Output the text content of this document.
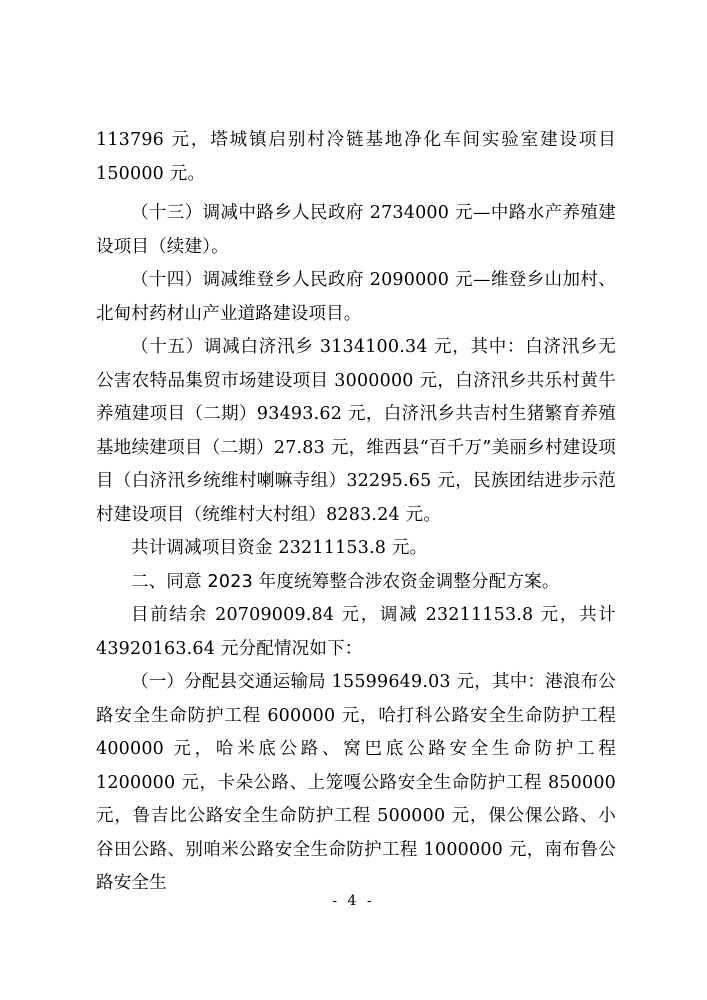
113796 元，塔城镇启别村冷链基地净化车间实验室建设项目 150000 元。

（十三）调减中路乡人民政府 2734000 元—中路水产养殖建设项目（续建）。

（十四）调减维登乡人民政府 2090000 元—维登乡山加村、北甸村药材山产业道路建设项目。

（十五）调减白济汛乡 3134100.34 元，其中：白济汛乡无公害农特品集贸市场建设项目 3000000 元，白济汛乡共乐村黄牛养殖建项目（二期）93493.62 元，白济汛乡共吉村生猪繁育养殖基地续建项目（二期）27.83 元，维西县“百千万”美丽乡村建设项目（白济汛乡统维村喇嘛寺组）32295.65 元，民族团结进步示范村建设项目（统维村大村组）8283.24 元。

共计调减项目资金 23211153.8 元。

二、同意 2023 年度统筹整合涉农资金调整分配方案。

目前结余 20709009.84 元，调减 23211153.8 元，共计 43920163.64 元分配情况如下：

（一）分配县交通运输局 15599649.03 元，其中：港浪布公路安全生命防护工程 600000 元，哈打科公路安全生命防护工程 400000 元，哈米底公路、窝巴底公路安全生命防护工程 1200000 元，卡朵公路、上笼嘎公路安全生命防护工程 850000 元，鲁吉比公路安全生命防护工程 500000 元，倮公倮公路、小谷田公路、别咱米公路安全生命防护工程 1000000 元，南布鲁公路安全生

- 4 -
